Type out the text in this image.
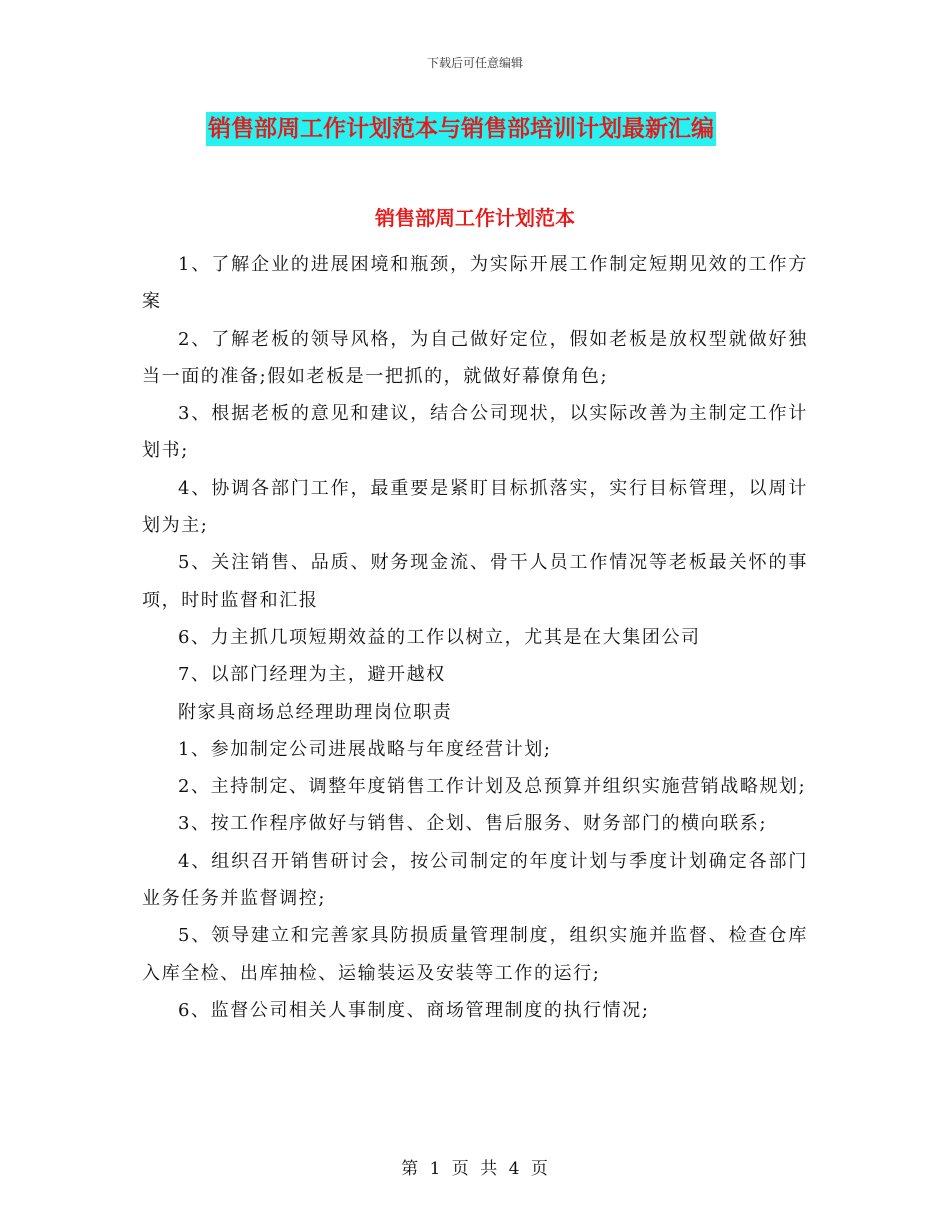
下载后可任意编辑
销售部周工作计划范本与销售部培训计划最新汇编
销售部周工作计划范本

1、了解企业的进展困境和瓶颈，为实际开展工作制定短期见效的工作方案

2、了解老板的领导风格，为自己做好定位，假如老板是放权型就做好独当一面的准备;假如老板是一把抓的，就做好幕僚角色;

3、根据老板的意见和建议，结合公司现状，以实际改善为主制定工作计划书;

4、协调各部门工作，最重要是紧盯目标抓落实，实行目标管理，以周计划为主;

5、关注销售、品质、财务现金流、骨干人员工作情况等老板最关怀的事项，时时监督和汇报

6、力主抓几项短期效益的工作以树立，尤其是在大集团公司

7、以部门经理为主，避开越权

附家具商场总经理助理岗位职责

1、参加制定公司进展战略与年度经营计划;

2、主持制定、调整年度销售工作计划及总预算并组织实施营销战略规划;

3、按工作程序做好与销售、企划、售后服务、财务部门的横向联系;

4、组织召开销售研讨会，按公司制定的年度计划与季度计划确定各部门业务任务并监督调控;

5、领导建立和完善家具防损质量管理制度，组织实施并监督、检查仓库入库全检、出库抽检、运输装运及安装等工作的运行;

6、监督公司相关人事制度、商场管理制度的执行情况;

第 1 页 共 4 页
